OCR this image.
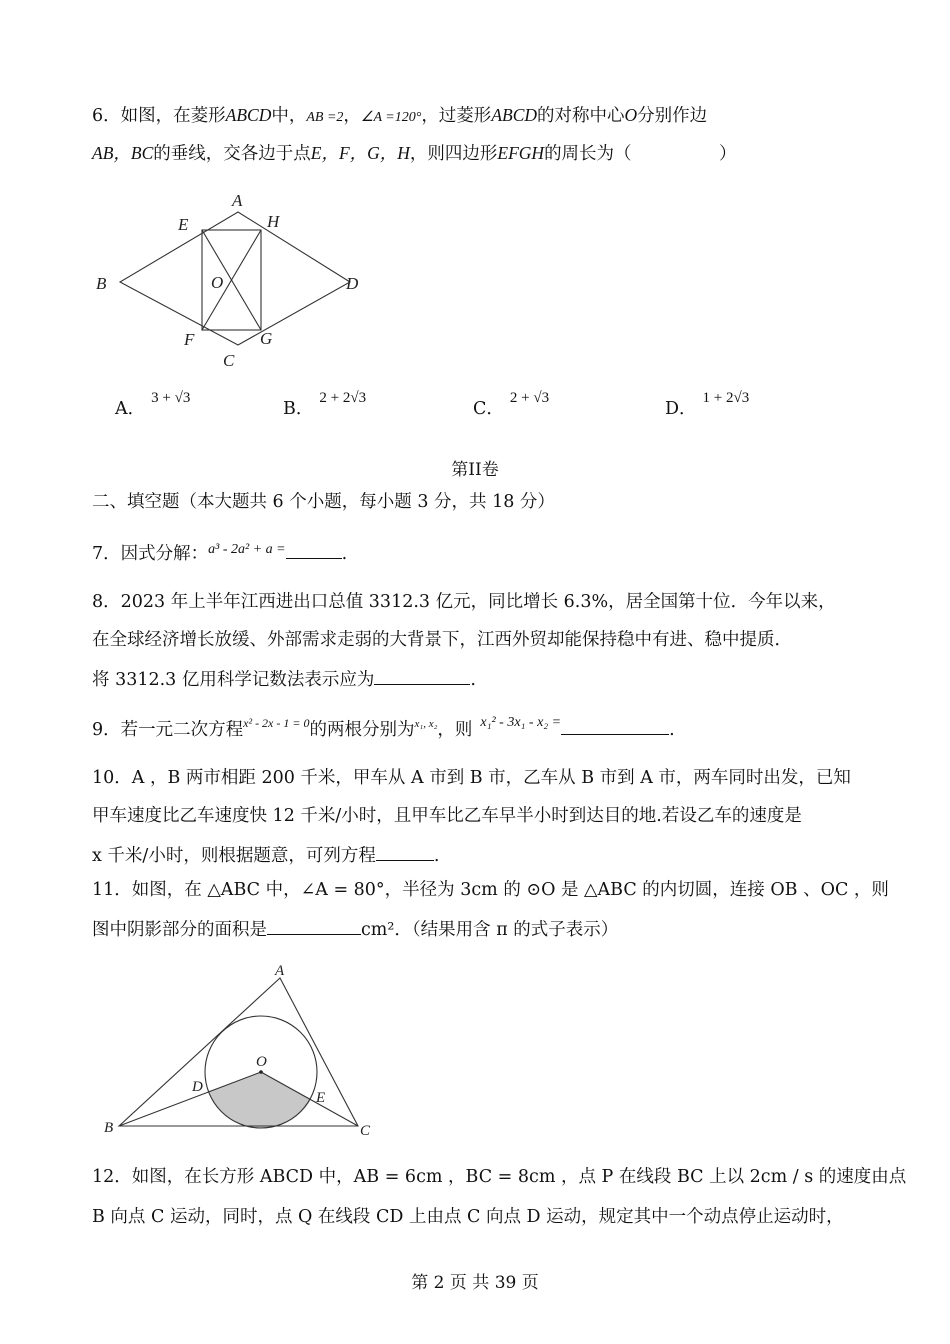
6．如图，在菱形ABCD中，AB =2，∠A =120°，过菱形ABCD的对称中心O分别作边
AB，BC的垂线，交各边于点E，F，G，H，则四边形EFGH的周长为（　　　　　）
A
B
C
D
E
F	G
H
O
A．3 + √3
B．2 + 2√3
C．2 + √3
D．1 + 2√3
第II卷
二、填空题（本大题共 6 个小题，每小题 3 分，共 18 分）
7．因式分解：$^{a^3 - 2a^2 + a =}$	.
8．2023 年上半年江西进出口总值 3312.3 亿元，同比增长 6.3%，居全国第十位．今年以来，
在全球经济增长放缓、外部需求走弱的大背景下，江西外贸却能保持稳中有进、稳中提质．
将 3312.3 亿用科学记数法表示应为	.
9．若一元二次方程$^{x^2 - 2x - 1 = 0}$的两根分别为$^{x_1, x_2}$，则 $^{x_1^2 - 3x_1 - x_2 =}$	.
10．A ，B 两市相距 200 千米，甲车从 A 市到 B 市，乙车从 B 市到 A 市，两车同时出发，已知
甲车速度比乙车速度快 12 千米/小时，且甲车比乙车早半小时到达目的地.若设乙车的速度是
x 千米/小时，则根据题意，可列方程	.
11．如图，在 △ABC 中，∠A = 80°，半径为 3cm 的 ⊙O 是 △ABC 的内切圆，连接 OB 、OC ，则
图中阴影部分的面积是	cm²．（结果用含 π 的式子表示）
A
B	C
D
E
O
12．如图，在长方形 ABCD 中，AB = 6cm ，BC = 8cm ，点 P 在线段 BC 上以 2cm / s 的速度由点
B 向点 C 运动，同时，点 Q 在线段 CD 上由点 C 向点 D 运动，规定其中一个动点停止运动时，
第 2 页 共 39 页
